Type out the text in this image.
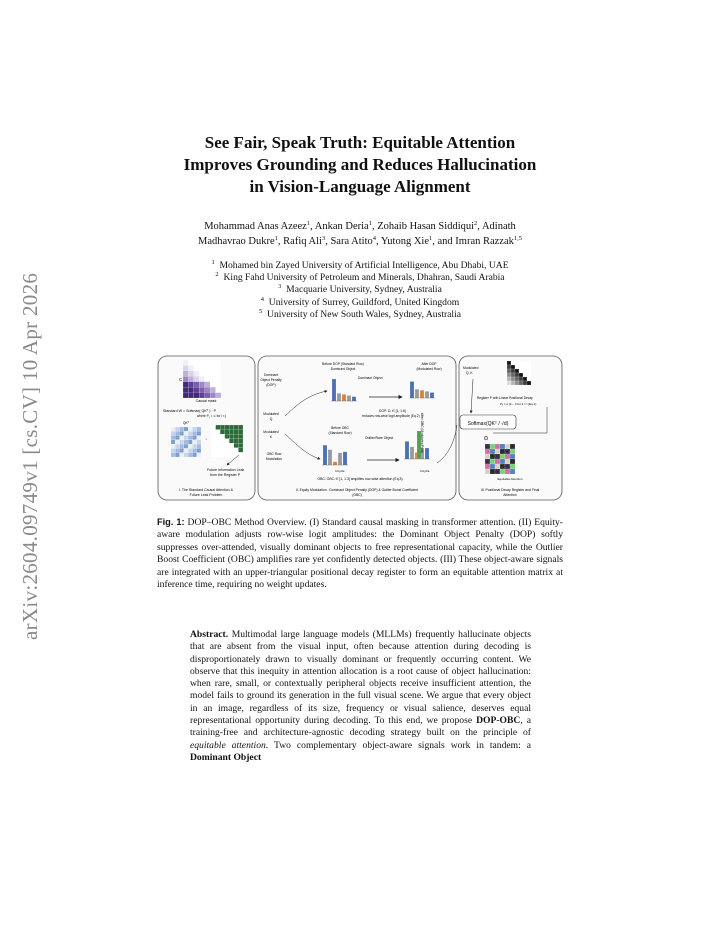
arXiv:2604.09749v1 [cs.CV] 10 Apr 2026
See Fair, Speak Truth: Equitable Attention
Improves Grounding and Reduces Hallucination
in Vision-Language Alignment
Mohammad Anas Azeez$^1$, Ankan Deria$^1$, Zohaib Hasan Siddiqui$^2$, Adinath
Madhavrao Dukre$^1$, Rafiq Ali$^3$, Sara Atito$^4$, Yutong Xie$^1$, and Imran Razzak$^{1,5}$
$^1$ Mohamed bin Zayed University of Artificial Intelligence, Abu Dhabi, UAE
$^2$ King Fahd University of Petroleum and Minerals, Dhahran, Saudi Arabia
$^3$ Macquarie University, Sydney, Australia
$^4$ University of Surrey, Guildford, United Kingdom
$^5$ University of New South Wales, Sydney, Australia
C
Causal mask
Standard W = Softmax( QKᵀ ) · P
where P꜀ = ∞ for i < j
QKᵀ
·
Future Information Leak
from the Register P
I. The Standard Causal Attention &
Future Leak Problem
Dominant
Object Penalty
(DOP)
Modulated
Q
Modulated
K
OBC Row
Modulation
Before DOP (Standard Row)
Dominant Object
Dominant Object
After DOP
(Modulated Row)
DOP: Dᵢ ∈ [1, 1.6]
reduces row-wise logit amplitude (Eq.2)
Before OBC
(Standard Row)
Outlier/Rare Object	After OBC (Modulated Row)
bicycle	bicycle
OBC: OBCᵢ ∈ [1, 1.3] amplifies row-wise attention (Eq.3)
II. Equity Modulation : Dominant Object Penalty (DOP) & Outlier Boost Coefficient
(OBC)
Modulated
Q, K
Register P with Linear Positional Decay
Pᵢⱼ = α (k − l) for k > l (Eq 1)
Softmax(QKᵀ / √d)
⊙
Equitable Attention
III. Positional Decay Register and Final
Attention
Fig. 1: DOP–OBC Method Overview. (I) Standard causal masking in transformer attention. (II) Equity-aware modulation adjusts row-wise logit amplitudes: the Dominant Object Penalty (DOP) softly suppresses over-attended, visually dominant objects to free representational capacity, while the Outlier Boost Coefficient (OBC) amplifies rare yet confidently detected objects. (III) These object-aware signals are integrated with an upper-triangular positional decay register to form an equitable attention matrix at inference time, requiring no weight updates.
Abstract. Multimodal large language models (MLLMs) frequently hallucinate objects that are absent from the visual input, often because attention during decoding is disproportionately drawn to visually dominant or frequently occurring content. We observe that this inequity in attention allocation is a root cause of object hallucination: when rare, small, or contextually peripheral objects receive insufficient attention, the model fails to ground its generation in the full visual scene. We argue that every object in an image, regardless of its size, frequency or visual salience, deserves equal representational opportunity during decoding. To this end, we propose DOP-OBC, a training-free and architecture-agnostic decoding strategy built on the principle of equitable attention. Two complementary object-aware signals work in tandem: a Dominant Object
